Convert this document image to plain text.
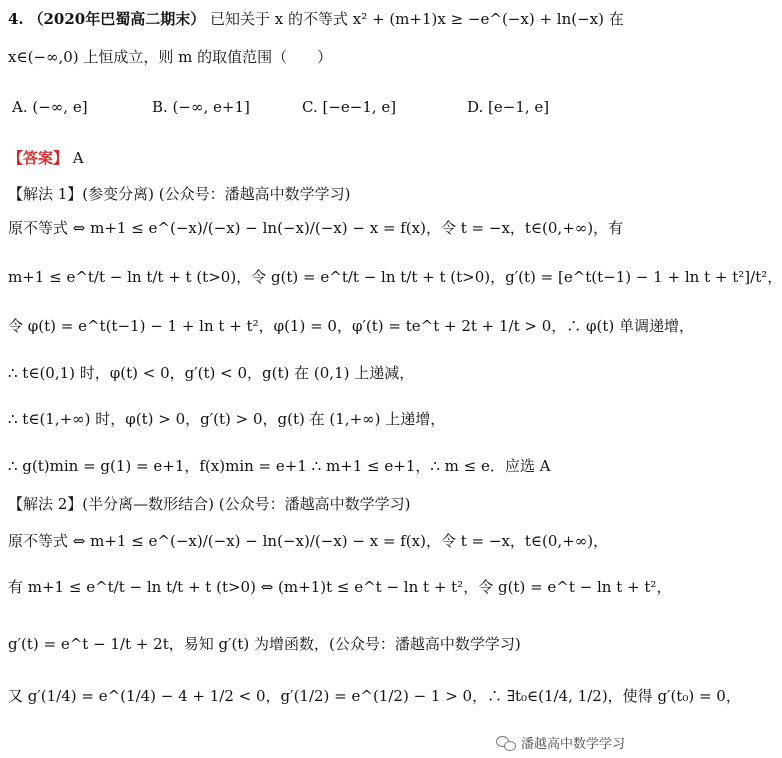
4. （2020年巴蜀高二期末） 已知关于 x 的不等式 x² + (m+1)x ≥ −e^(−x) + ln(−x) 在
x∈(−∞,0) 上恒成立，则 m 的取值范围（　　）
A. (−∞, e]	B. (−∞, e+1]	C. [−e−1, e]	D. [e−1, e]
【答案】 A
【解法 1】(参变分离) (公众号：潘越高中数学学习)
原不等式 ⇔ m+1 ≤ e^(−x)/(−x) − ln(−x)/(−x) − x = f(x)，令 t = −x，t∈(0,+∞)，有
m+1 ≤ e^t/t − ln t/t + t (t>0)，令 g(t) = e^t/t − ln t/t + t (t>0)，g′(t) = [e^t(t−1) − 1 + ln t + t²]/t²，
令 φ(t) = e^t(t−1) − 1 + ln t + t²，φ(1) = 0，φ′(t) = te^t + 2t + 1/t > 0，∴ φ(t) 单调递增，
∴ t∈(0,1) 时，φ(t) < 0，g′(t) < 0，g(t) 在 (0,1) 上递减，
∴ t∈(1,+∞) 时，φ(t) > 0，g′(t) > 0，g(t) 在 (1,+∞) 上递增，
∴ g(t)min = g(1) = e+1，f(x)min = e+1 ∴ m+1 ≤ e+1，∴ m ≤ e．应选 A
【解法 2】(半分离—数形结合) (公众号：潘越高中数学学习)
原不等式 ⇔ m+1 ≤ e^(−x)/(−x) − ln(−x)/(−x) − x = f(x)，令 t = −x，t∈(0,+∞)，
有 m+1 ≤ e^t/t − ln t/t + t (t>0) ⇔ (m+1)t ≤ e^t − ln t + t²，令 g(t) = e^t − ln t + t²，
g′(t) = e^t − 1/t + 2t，易知 g′(t) 为增函数，(公众号：潘越高中数学学习)
又 g′(1/4) = e^(1/4) − 4 + 1/2 < 0，g′(1/2) = e^(1/2) − 1 > 0，∴ ∃t₀∈(1/4, 1/2)，使得 g′(t₀) = 0，
潘越高中数学学习
